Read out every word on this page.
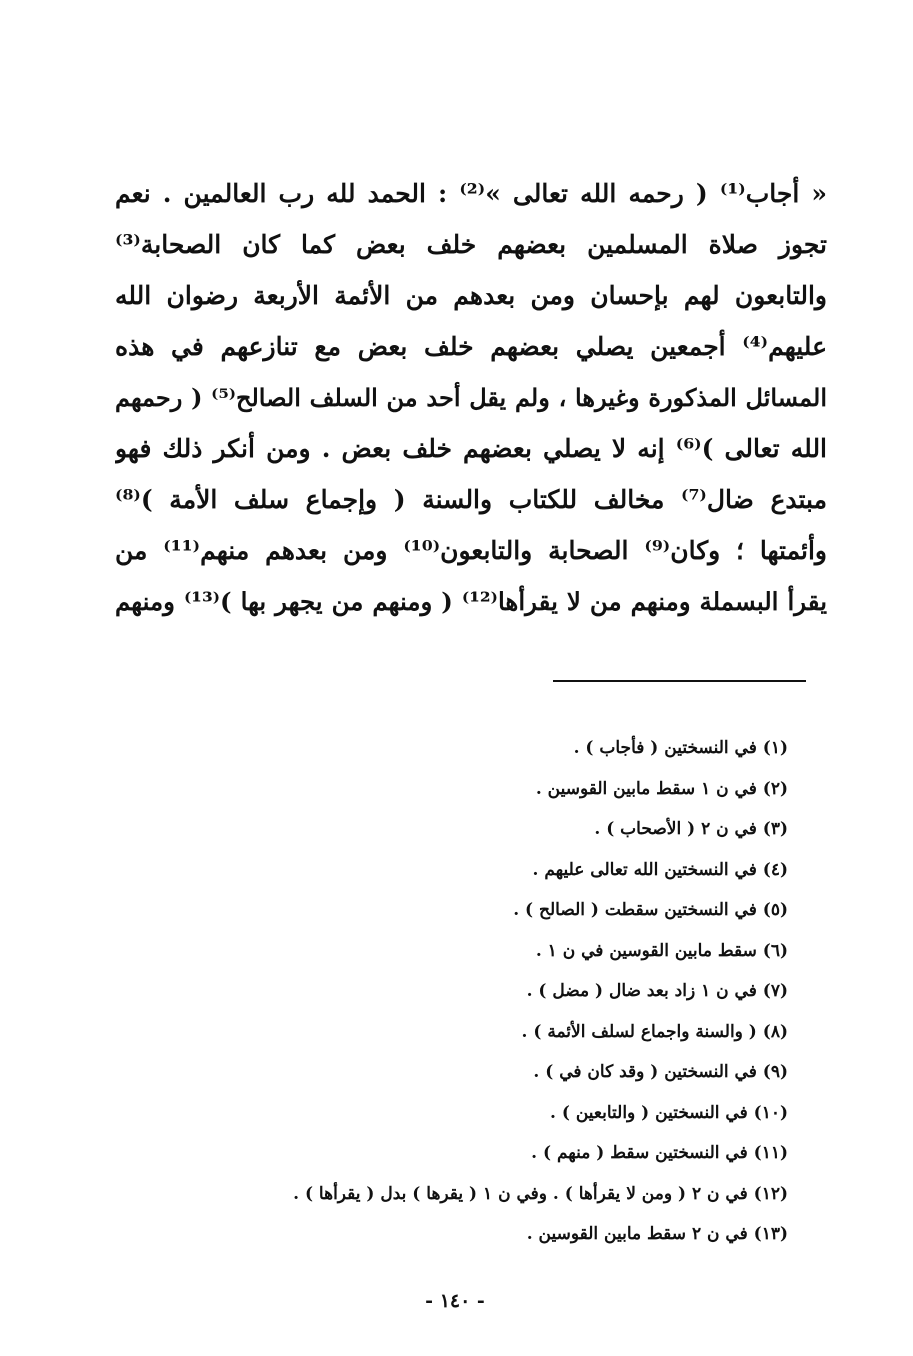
« أجاب⁽¹⁾ ( رحمه الله تعالى »⁽²⁾ : الحمد لله رب العالمين . نعم
تجوز صلاة المسلمين بعضهم خلف بعض كما كان الصحابة⁽³⁾
والتابعون لهم بإحسان ومن بعدهم من الأئمة الأربعة رضوان الله
عليهم⁽⁴⁾ أجمعين يصلي بعضهم خلف بعض مع تنازعهم في هذه
المسائل المذكورة وغيرها ، ولم يقل أحد من السلف الصالح⁽⁵⁾ ( رحمهم
الله تعالى )⁽⁶⁾ إنه لا يصلي بعضهم خلف بعض . ومن أنكر ذلك فهو
مبتدع ضال⁽⁷⁾ مخالف للكتاب والسنة ( وإجماع سلف الأمة )⁽⁸⁾
وأئمتها ؛ وكان⁽⁹⁾ الصحابة والتابعون⁽¹⁰⁾ ومن بعدهم منهم⁽¹¹⁾ من
يقرأ البسملة ومنهم من لا يقرأها⁽¹²⁾ ( ومنهم من يجهر بها )⁽¹³⁾ ومنهم
(١) في النسختين ( فأجاب ) .
(٢) في ن ١ سقط مابين القوسين .
(٣) في ن ٢ ( الأصحاب ) .
(٤) في النسختين الله تعالى عليهم .
(٥) في النسختين سقطت ( الصالح ) .
(٦) سقط مابين القوسين في ن ١ .
(٧) في ن ١ زاد بعد ضال ( مضل ) .
(٨) ( والسنة واجماع لسلف الأئمة ) .
(٩) في النسختين ( وقد كان في ) .
(١٠) في النسختين ( والتابعين ) .
(١١) في النسختين سقط ( منهم ) .
(١٢) في ن ٢ ( ومن لا يقرأها ) . وفي ن ١ ( يقرها ) بدل ( يقرأها ) .
(١٣) في ن ٢ سقط مابين القوسين .
- ١٤٠ -
